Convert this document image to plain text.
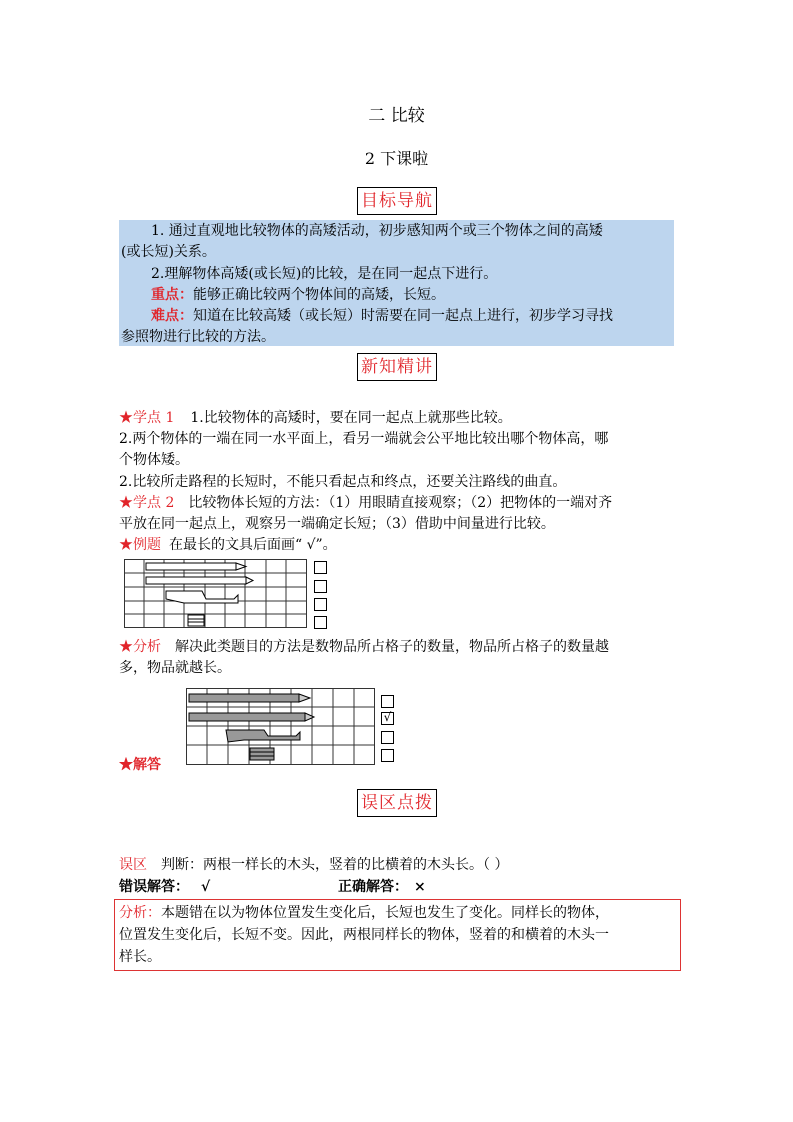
二 比较
2 下课啦
目标导航
1. 通过直观地比较物体的高矮活动，初步感知两个或三个物体之间的高矮
(或长短)关系。
2.理解物体高矮(或长短)的比较，是在同一起点下进行。
重点：能够正确比较两个物体间的高矮，长短。
难点：知道在比较高矮（或长短）时需要在同一起点上进行，初步学习寻找
参照物进行比较的方法。
新知精讲
★学点 1 1.比较物体的高矮时，要在同一起点上就那些比较。
2.两个物体的一端在同一水平面上，看另一端就会公平地比较出哪个物体高，哪
个物体矮。
2.比较所走路程的长短时，不能只看起点和终点，还要关注路线的曲直。
★学点 2 比较物体长短的方法：（1）用眼睛直接观察；（2）把物体的一端对齐
平放在同一起点上，观察另一端确定长短；（3）借助中间量进行比较。
★例题 在最长的文具后面画“ √”。
★分析 解决此类题目的方法是数物品所占格子的数量，物品所占格子的数量越
多，物品就越长。
√
★解答
误区点拨
误区 判断：两根一样长的木头，竖着的比横着的木头长。（ ）
错误解答： √	正确解答： ×
分析：本题错在以为物体位置发生变化后，长短也发生了变化。同样长的物体，
位置发生变化后，长短不变。因此，两根同样长的物体，竖着的和横着的木头一
样长。
